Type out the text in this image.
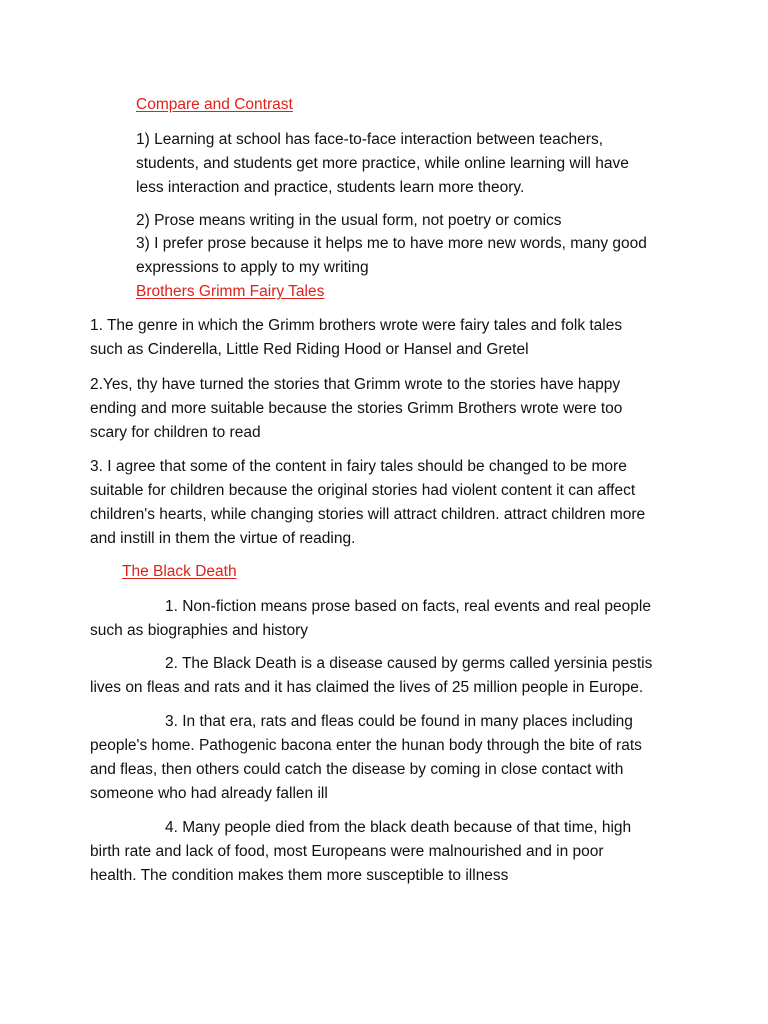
Compare and Contrast
1) Learning at school has face-to-face interaction between teachers,
students, and students get more practice, while online learning will have
less interaction and practice, students learn more theory.
2) Prose means writing in the usual form, not poetry or comics
3) I prefer prose because it helps me to have more new words, many good
expressions to apply to my writing
Brothers Grimm Fairy Tales
1. The genre in which the Grimm brothers wrote were fairy tales and folk tales
such as Cinderella, Little Red Riding Hood or Hansel and Gretel
2.Yes, thy have turned the stories that Grimm wrote to the stories have happy
ending and more suitable because the stories Grimm Brothers wrote were too
scary for children to read
3. I agree that some of the content in fairy tales should be changed to be more
suitable for children because the original stories had violent content it can affect
children's hearts, while changing stories will attract children. attract children more
and instill in them the virtue of reading.
The Black Death
1. Non-fiction means prose based on facts, real events and real people
such as biographies and history
2. The Black Death is a disease caused by germs called yersinia pestis
lives on fleas and rats and it has claimed the lives of 25 million people in Europe.
3. In that era, rats and fleas could be found in many places including
people's home. Pathogenic bacona enter the hunan body through the bite of rats
and fleas, then others could catch the disease by coming in close contact with
someone who had already fallen ill
4. Many people died from the black death because of that time, high
birth rate and lack of food, most Europeans were malnourished and in poor
health. The condition makes them more susceptible to illness
